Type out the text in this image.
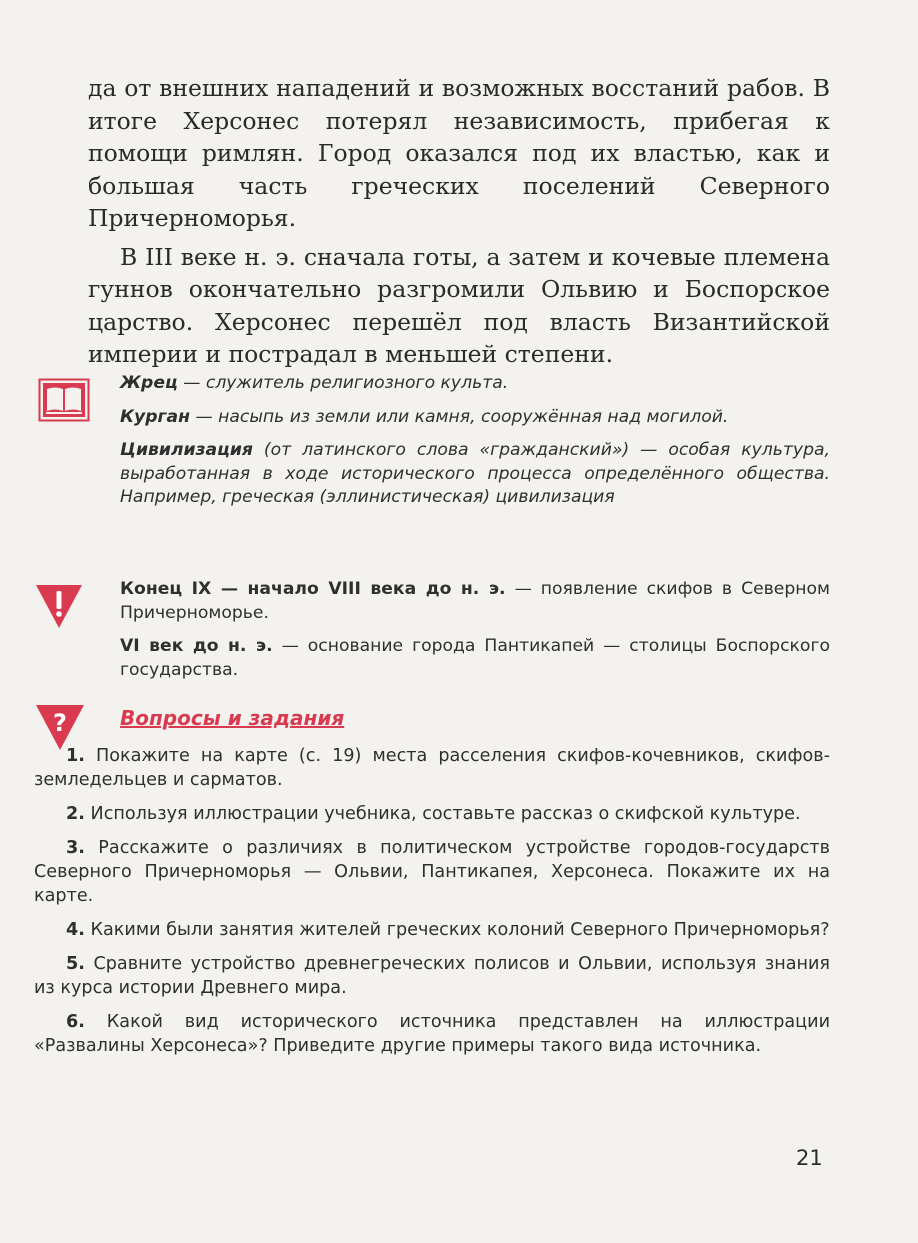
да от внешних нападений и возможных восстаний рабов. В итоге Херсонес потерял независимость, прибегая к помощи римлян. Город оказался под их властью, как и большая часть греческих поселений Северного Причерноморья.

В III веке н. э. сначала готы, а затем и кочевые племена гуннов окончательно разгромили Ольвию и Боспорское царство. Херсонес перешёл под власть Византийской империи и пострадал в меньшей степени.

Жрец — служитель религиозного культа.

Курган — насыпь из земли или камня, сооружённая над могилой.

Цивилизация (от латинского слова «гражданский») — особая культура, выработанная в ходе исторического процесса определённого общества. Например, греческая (эллинистическая) цивилизация

Конец IX — начало VIII века до н. э. — появление скифов в Северном Причерноморье.

VI век до н. э. — основание города Пантикапей — столицы Боспорского государства.

?	Вопросы и задания

1. Покажите на карте (с. 19) места расселения скифов-кочевников, скифов-земледельцев и сарматов.

2. Используя иллюстрации учебника, составьте рассказ о скифской культуре.

3. Расскажите о различиях в политическом устройстве городов-государств Северного Причерноморья — Ольвии, Пантикапея, Херсонеса. Покажите их на карте.

4. Какими были занятия жителей греческих колоний Северного Причерноморья?

5. Сравните устройство древнегреческих полисов и Ольвии, используя знания из курса истории Древнего мира.

6. Какой вид исторического источника представлен на иллюстрации «Развалины Херсонеса»? Приведите другие примеры такого вида источника.

21
